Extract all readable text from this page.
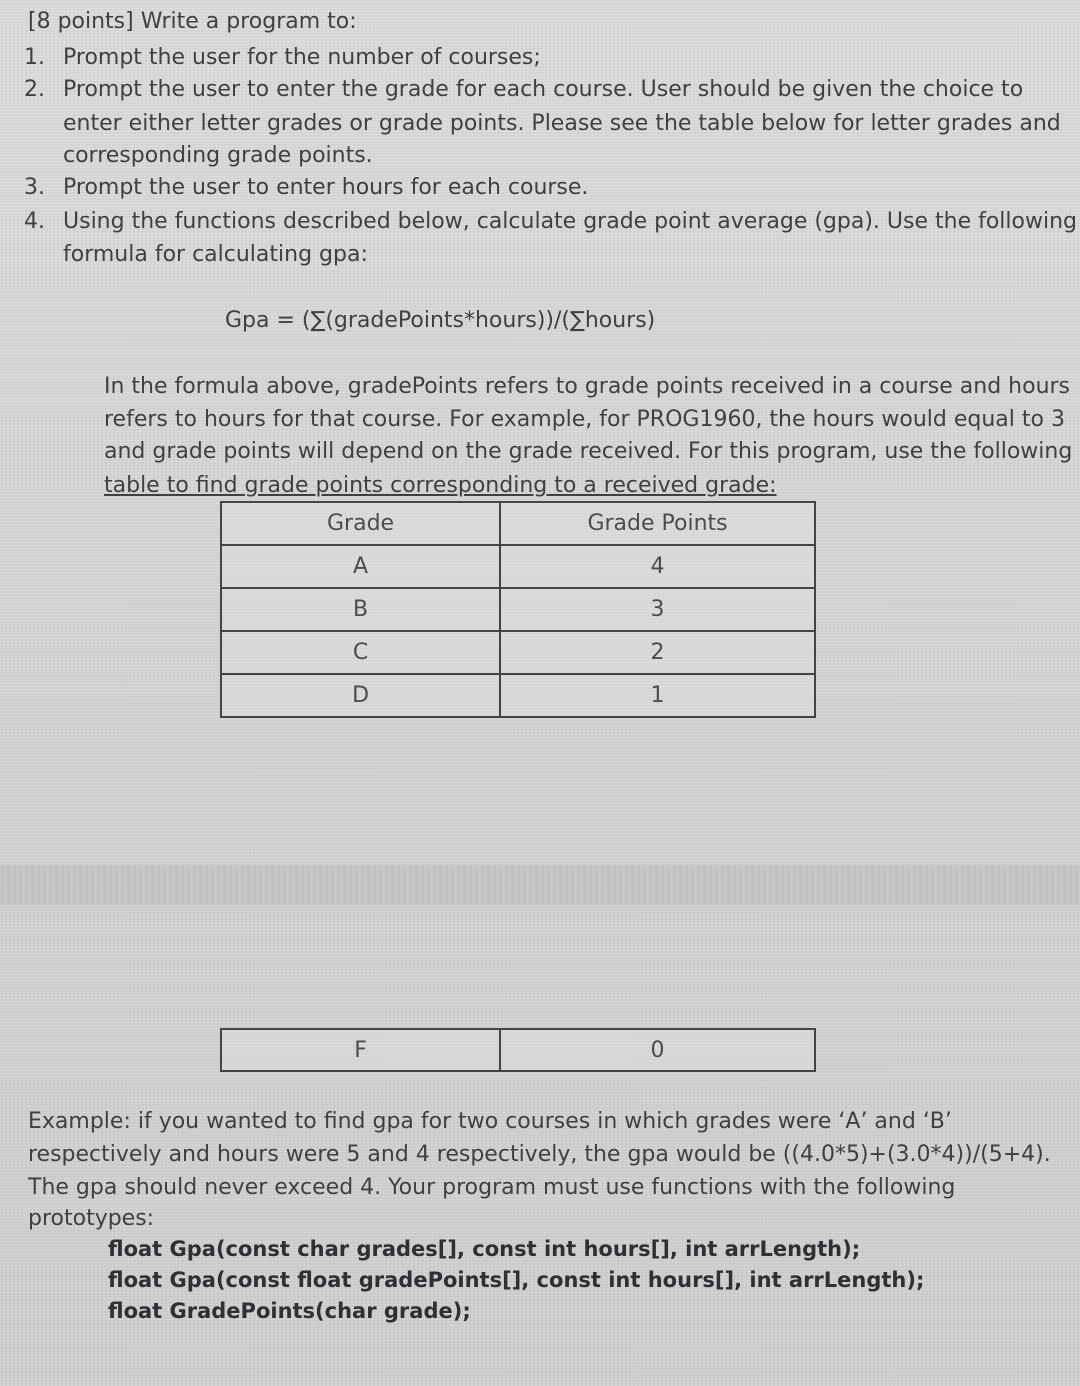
[8 points] Write a program to:
1. Prompt the user for the number of courses;
2. Prompt the user to enter the grade for each course. User should be given the choice to
enter either letter grades or grade points. Please see the table below for letter grades and
corresponding grade points.
3. Prompt the user to enter hours for each course.
4. Using the functions described below, calculate grade point average (gpa). Use the following
formula for calculating gpa:
Gpa = (∑(gradePoints*hours))/(∑hours)
In the formula above, gradePoints refers to grade points received in a course and hours
refers to hours for that course. For example, for PROG1960, the hours would equal to 3
and grade points will depend on the grade received. For this program, use the following
table to find grade points corresponding to a received grade:
Grade	Grade Points
A	4
B	3
C	2
D	1
F	0
Example: if you wanted to find gpa for two courses in which grades were ‘A’ and ‘B’
respectively and hours were 5 and 4 respectively, the gpa would be ((4.0*5)+(3.0*4))/(5+4).
The gpa should never exceed 4. Your program must use functions with the following
prototypes:
float Gpa(const char grades[], const int hours[], int arrLength);
float Gpa(const float gradePoints[], const int hours[], int arrLength);
float GradePoints(char grade);
